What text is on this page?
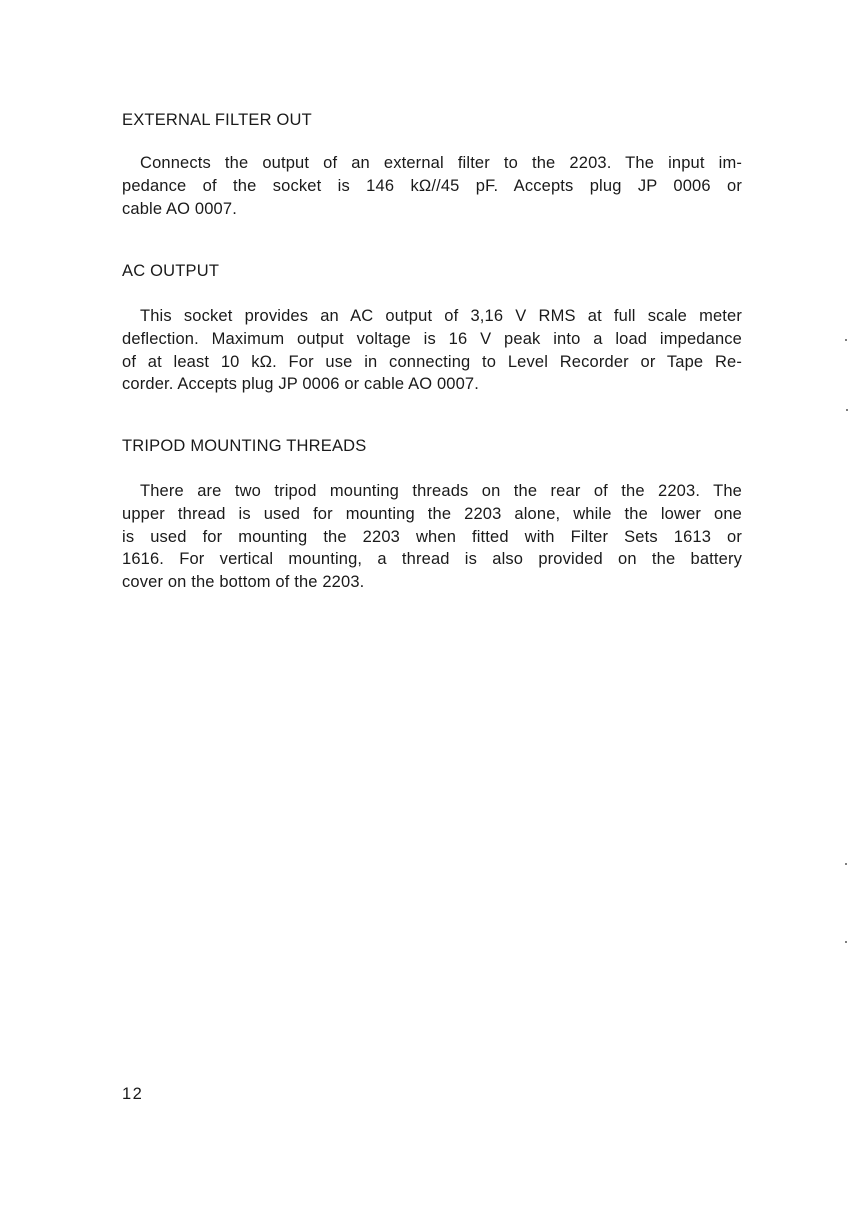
EXTERNAL FILTER OUT

Connects the output of an external filter to the 2203. The input im-
pedance of the socket is 146 kΩ//45 pF. Accepts plug JP 0006 or
cable AO 0007.

AC OUTPUT

This socket provides an AC output of 3,16 V RMS at full scale meter
deflection. Maximum output voltage is 16 V peak into a load impedance
of at least 10 kΩ. For use in connecting to Level Recorder or Tape Re-
corder. Accepts plug JP 0006 or cable AO 0007.

TRIPOD MOUNTING THREADS

There are two tripod mounting threads on the rear of the 2203. The
upper thread is used for mounting the 2203 alone, while the lower one
is used for mounting the 2203 when fitted with Filter Sets 1613 or
1616. For vertical mounting, a thread is also provided on the battery
cover on the bottom of the 2203.

12
